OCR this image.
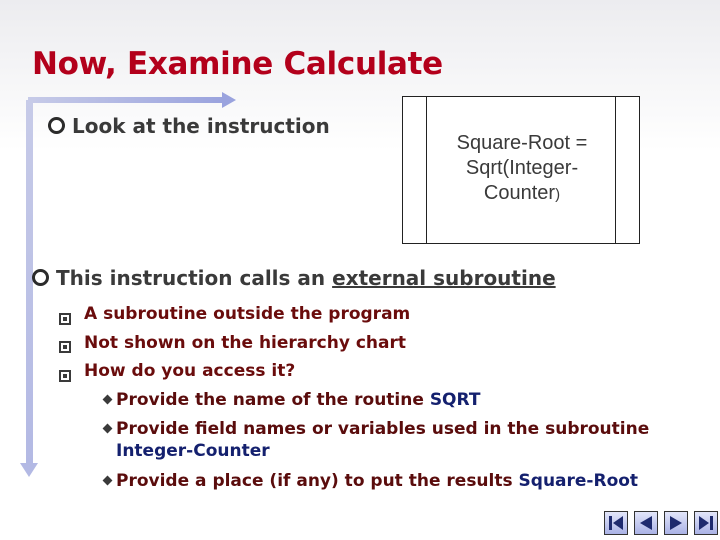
Now, Examine Calculate
Look at the instruction
Square-Root =
Sqrt(Integer-
Counter)
This instruction calls an external subroutine
A subroutine outside the program
Not shown on the hierarchy chart
How do you access it?
Provide the name of the routine SQRT
Provide field names or variables used in the subroutine
Integer-Counter
Provide a place (if any) to put the results Square-Root
